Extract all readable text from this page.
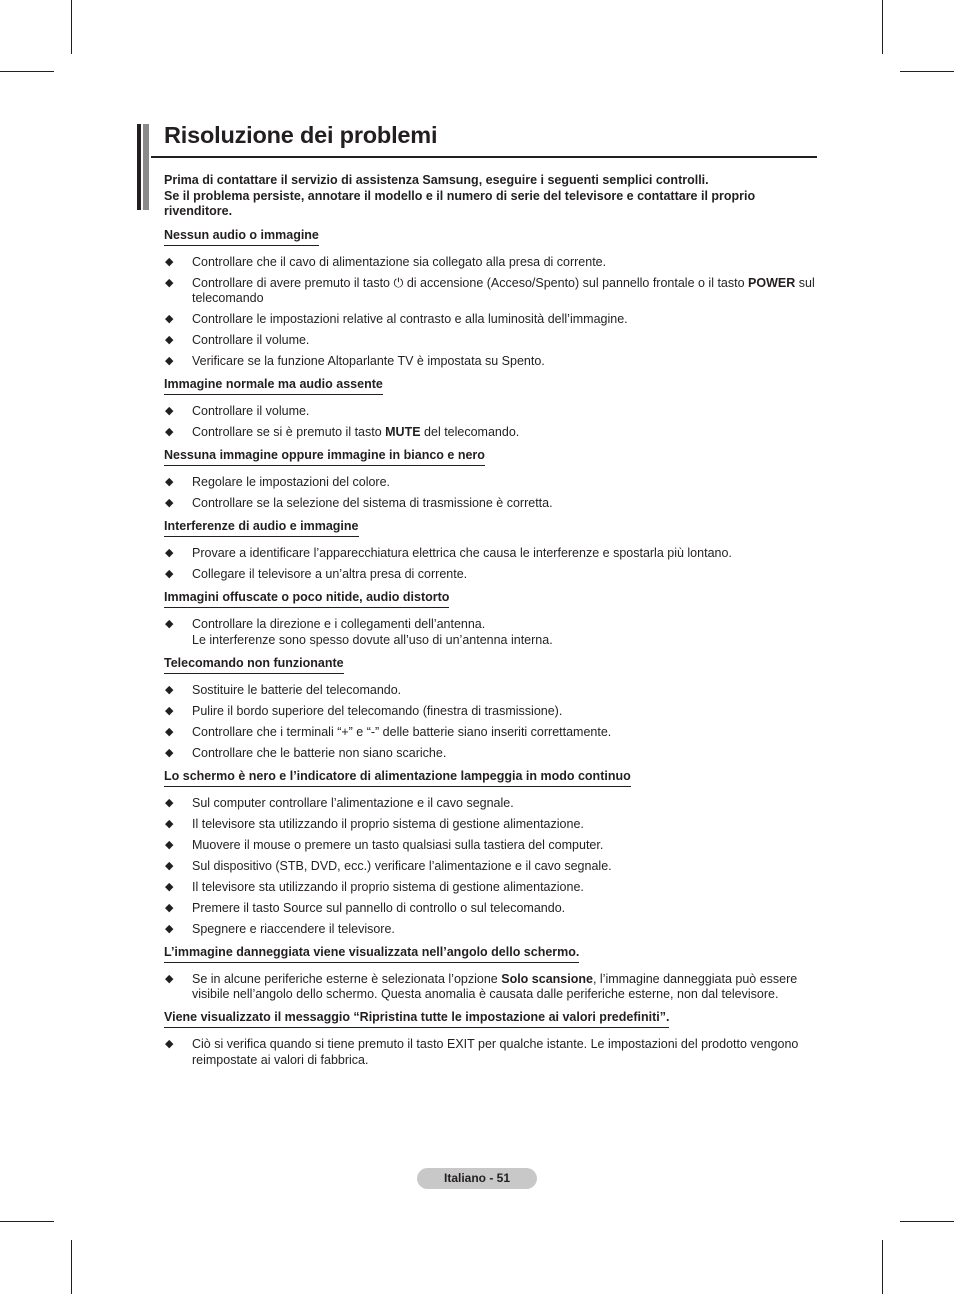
Risoluzione dei problemi

Prima di contattare il servizio di assistenza Samsung, eseguire i seguenti semplici controlli.

Se il problema persiste, annotare il modello e il numero di serie del televisore e contattare il proprio rivenditore.

Nessun audio o immagine
◆ Controllare che il cavo di alimentazione sia collegato alla presa di corrente.
◆ Controllare di avere premuto il tasto ⏻ di accensione (Acceso/Spento) sul pannello frontale o il tasto POWER sul telecomando
◆ Controllare le impostazioni relative al contrasto e alla luminosità dell’immagine.
◆ Controllare il volume.
◆ Verificare se la funzione Altoparlante TV è impostata su Spento.
Immagine normale ma audio assente
◆ Controllare il volume.
◆ Controllare se si è premuto il tasto MUTE del telecomando.
Nessuna immagine oppure immagine in bianco e nero
◆ Regolare le impostazioni del colore.
◆ Controllare se la selezione del sistema di trasmissione è corretta.
Interferenze di audio e immagine
◆ Provare a identificare l’apparecchiatura elettrica che causa le interferenze e spostarla più lontano.
◆ Collegare il televisore a un’altra presa di corrente.
Immagini offuscate o poco nitide, audio distorto
◆ Controllare la direzione e i collegamenti dell’antenna.
Le interferenze sono spesso dovute all’uso di un’antenna interna.
Telecomando non funzionante
◆ Sostituire le batterie del telecomando.
◆ Pulire il bordo superiore del telecomando (finestra di trasmissione).
◆ Controllare che i terminali “+” e “-” delle batterie siano inseriti correttamente.
◆ Controllare che le batterie non siano scariche.
Lo schermo è nero e l’indicatore di alimentazione lampeggia in modo continuo
◆ Sul computer controllare l’alimentazione e il cavo segnale.
◆ Il televisore sta utilizzando il proprio sistema di gestione alimentazione.
◆ Muovere il mouse o premere un tasto qualsiasi sulla tastiera del computer.
◆ Sul dispositivo (STB, DVD, ecc.) verificare l’alimentazione e il cavo segnale.
◆ Il televisore sta utilizzando il proprio sistema di gestione alimentazione.
◆ Premere il tasto Source sul pannello di controllo o sul telecomando.
◆ Spegnere e riaccendere il televisore.
L’immagine danneggiata viene visualizzata nell’angolo dello schermo.
◆ Se in alcune periferiche esterne è selezionata l’opzione Solo scansione, l’immagine danneggiata può essere visibile nell’angolo dello schermo. Questa anomalia è causata dalle periferiche esterne, non dal televisore.
Viene visualizzato il messaggio “Ripristina tutte le impostazione ai valori predefiniti”.
◆ Ciò si verifica quando si tiene premuto il tasto EXIT per qualche istante. Le impostazioni del prodotto vengono reimpostate ai valori di fabbrica.
Italiano - 51
